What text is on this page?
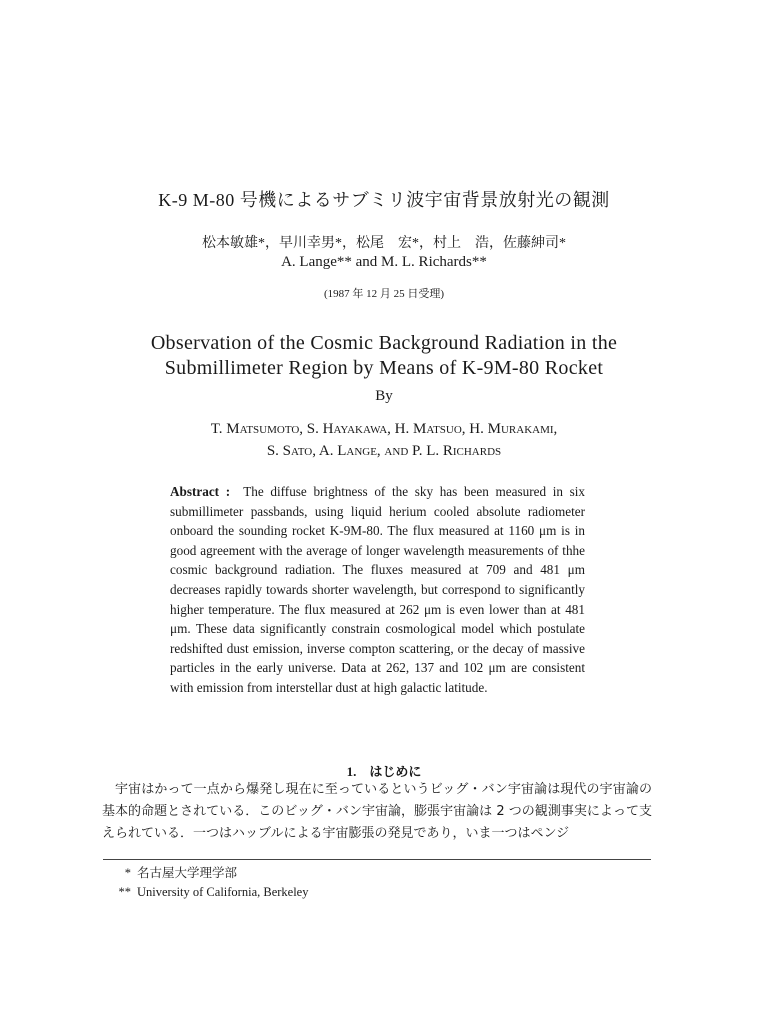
K-9 M-80 号機によるサブミリ波宇宙背景放射光の観測
松本敏雄*，早川幸男*，松尾　宏*，村上　浩，佐藤紳司*
A. Lange** and M. L. Richards**
(1987 年 12 月 25 日受理)
Observation of the Cosmic Background Radiation in the
Submillimeter Region by Means of K-9M-80 Rocket
By
T. Matsumoto, S. Hayakawa, H. Matsuo, H. Murakami,
S. Sato, A. Lange, and P. L. Richards
Abstract : The diffuse brightness of the sky has been measured in six submillimeter passbands, using liquid herium cooled absolute radiometer onboard the sounding rocket K-9M-80. The flux measured at 1160 μm is in good agreement with the average of longer wavelength measurements of thhe cosmic background radiation. The fluxes measured at 709 and 481 μm decreases rapidly towards shorter wavelength, but correspond to significantly higher temperature. The flux measured at 262 μm is even lower than at 481 μm. These data significantly constrain cosmological model which postulate redshifted dust emission, inverse compton scattering, or the decay of massive particles in the early universe. Data at 262, 137 and 102 μm are consistent with emission from interstellar dust at high galactic latitude.
1.　はじめに

宇宙はかって一点から爆発し現在に至っているというビッグ・バン宇宙論は現代の宇宙論の基本的命題とされている．このビッグ・バン宇宙論，膨張宇宙論は 2 つの観測事実によって支えられている．一つはハッブルによる宇宙膨張の発見であり，いま一つはペンジ

* 名古屋大学理学部
** University of California, Berkeley
